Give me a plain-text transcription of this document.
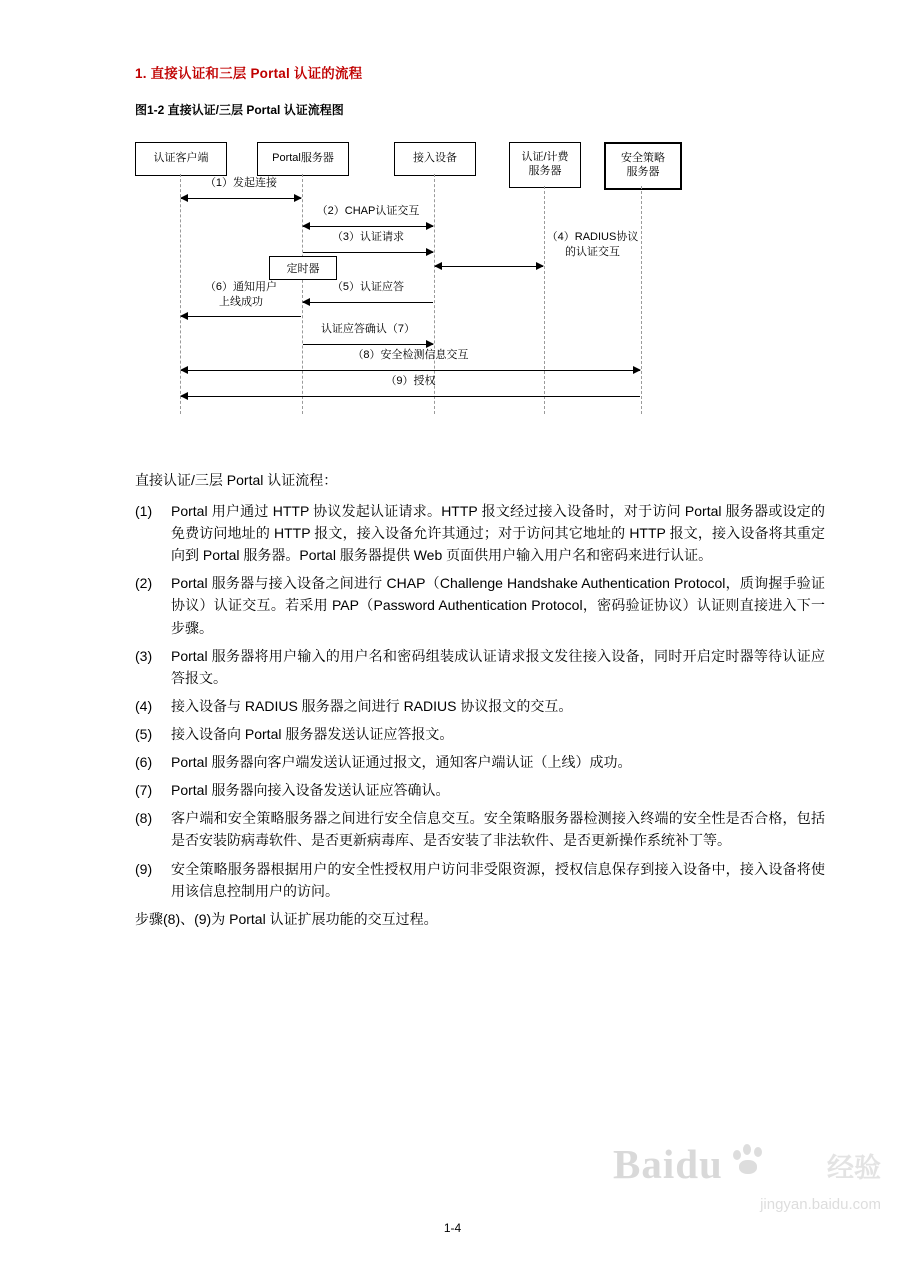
1. 直接认证和三层 Portal 认证的流程
图1-2 直接认证/三层 Portal 认证流程图
认证客户端	Portal服务器	接入设备	认证/计费
服务器
安全策略
服务器
（1）发起连接
（2）CHAP认证交互
（3）认证请求	（4）RADIUS协议
的认证交互
定时器
（5）认证应答
（6）通知用户
上线成功
认证应答确认（7）
（8）安全检测信息交互
（9）授权
直接认证/三层 Portal 认证流程：
(1)	Portal 用户通过 HTTP 协议发起认证请求。HTTP 报文经过接入设备时，对于访问 Portal 服务器或设定的免费访问地址的 HTTP 报文，接入设备允许其通过；对于访问其它地址的 HTTP 报文，接入设备将其重定向到 Portal 服务器。Portal 服务器提供 Web 页面供用户输入用户名和密码来进行认证。
(2)	Portal 服务器与接入设备之间进行 CHAP（Challenge Handshake Authentication Protocol，质询握手验证协议）认证交互。若采用 PAP（Password Authentication Protocol，密码验证协议）认证则直接进入下一步骤。
(3)	Portal 服务器将用户输入的用户名和密码组装成认证请求报文发往接入设备，同时开启定时器等待认证应答报文。
(4)	接入设备与 RADIUS 服务器之间进行 RADIUS 协议报文的交互。
(5)	接入设备向 Portal 服务器发送认证应答报文。
(6)	Portal 服务器向客户端发送认证通过报文，通知客户端认证（上线）成功。
(7)	Portal 服务器向接入设备发送认证应答确认。
(8)	客户端和安全策略服务器之间进行安全信息交互。安全策略服务器检测接入终端的安全性是否合格，包括是否安装防病毒软件、是否更新病毒库、是否安装了非法软件、是否更新操作系统补丁等。
(9)	安全策略服务器根据用户的安全性授权用户访问非受限资源，授权信息保存到接入设备中，接入设备将使用该信息控制用户的访问。
步骤(8)、(9)为 Portal 认证扩展功能的交互过程。
1-4
Baidu	经验
jingyan.baidu.com
